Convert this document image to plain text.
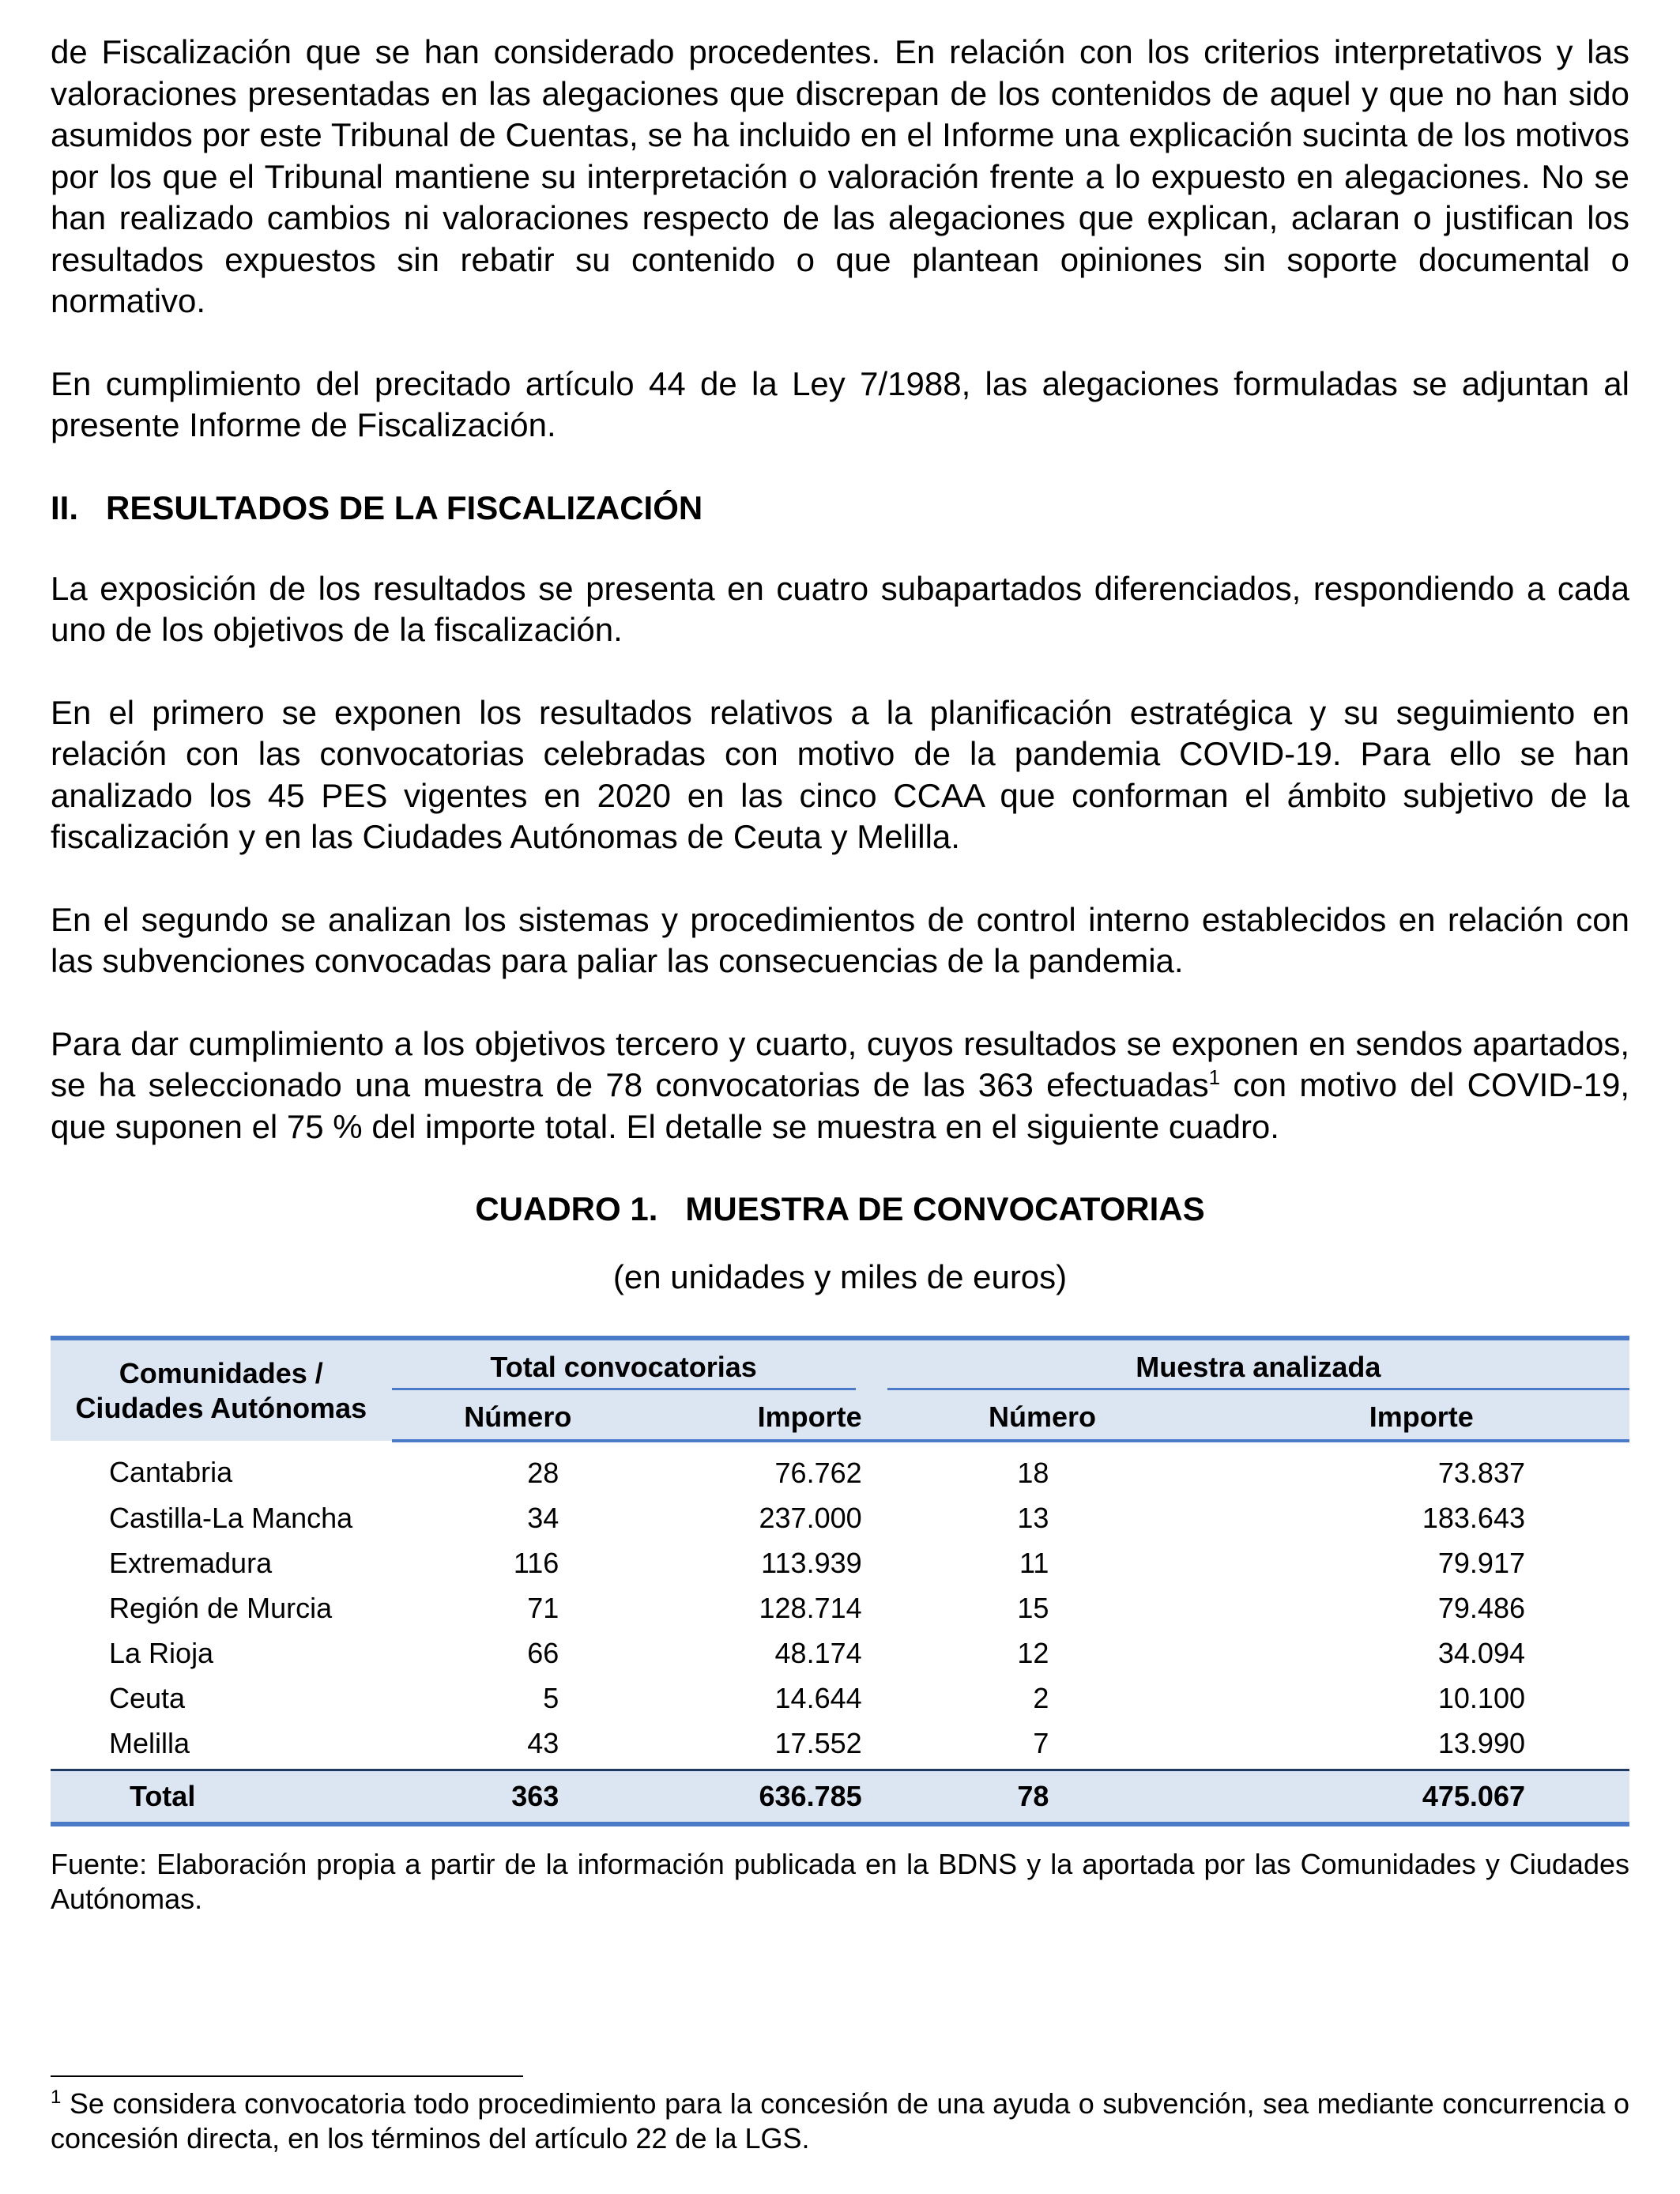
de Fiscalización que se han considerado procedentes. En relación con los criterios interpretativos y las valoraciones presentadas en las alegaciones que discrepan de los contenidos de aquel y que no han sido asumidos por este Tribunal de Cuentas, se ha incluido en el Informe una explicación sucinta de los motivos por los que el Tribunal mantiene su interpretación o valoración frente a lo expuesto en alegaciones. No se han realizado cambios ni valoraciones respecto de las alegaciones que explican, aclaran o justifican los resultados expuestos sin rebatir su contenido o que plantean opiniones sin soporte documental o normativo.

En cumplimiento del precitado artículo 44 de la Ley 7/1988, las alegaciones formuladas se adjuntan al presente Informe de Fiscalización.

II.   RESULTADOS DE LA FISCALIZACIÓN

La exposición de los resultados se presenta en cuatro subapartados diferenciados, respondiendo a cada uno de los objetivos de la fiscalización.

En el primero se exponen los resultados relativos a la planificación estratégica y su seguimiento en relación con las convocatorias celebradas con motivo de la pandemia COVID-19. Para ello se han analizado los 45 PES vigentes en 2020 en las cinco CCAA que conforman el ámbito subjetivo de la fiscalización y en las Ciudades Autónomas de Ceuta y Melilla.

En el segundo se analizan los sistemas y procedimientos de control interno establecidos en relación con las subvenciones convocadas para paliar las consecuencias de la pandemia.

Para dar cumplimiento a los objetivos tercero y cuarto, cuyos resultados se exponen en sendos apartados, se ha seleccionado una muestra de 78 convocatorias de las 363 efectuadas$^1$ con motivo del COVID-19, que suponen el 75 % del importe total. El detalle se muestra en el siguiente cuadro.

CUADRO 1.   MUESTRA DE CONVOCATORIAS
(en unidades y miles de euros)
Comunidades / Ciudades Autónomas	Total convocatorias		Muestra analizada	

	Número	Importe	Número	Importe
Cantabria	28	76.762	18	73.837
Castilla-La Mancha	34	237.000	13	183.643
Extremadura	116	113.939	11	79.917
Región de Murcia	71	128.714	15	79.486
La Rioja	66	48.174	12	34.094
Ceuta	5	14.644	2	10.100
Melilla	43	17.552	7	13.990
Total	363	636.785	78	475.067

Fuente: Elaboración propia a partir de la información publicada en la BDNS y la aportada por las Comunidades y Ciudades Autónomas.

$^1$ Se considera convocatoria todo procedimiento para la concesión de una ayuda o subvención, sea mediante concurrencia o concesión directa, en los términos del artículo 22 de la LGS.
